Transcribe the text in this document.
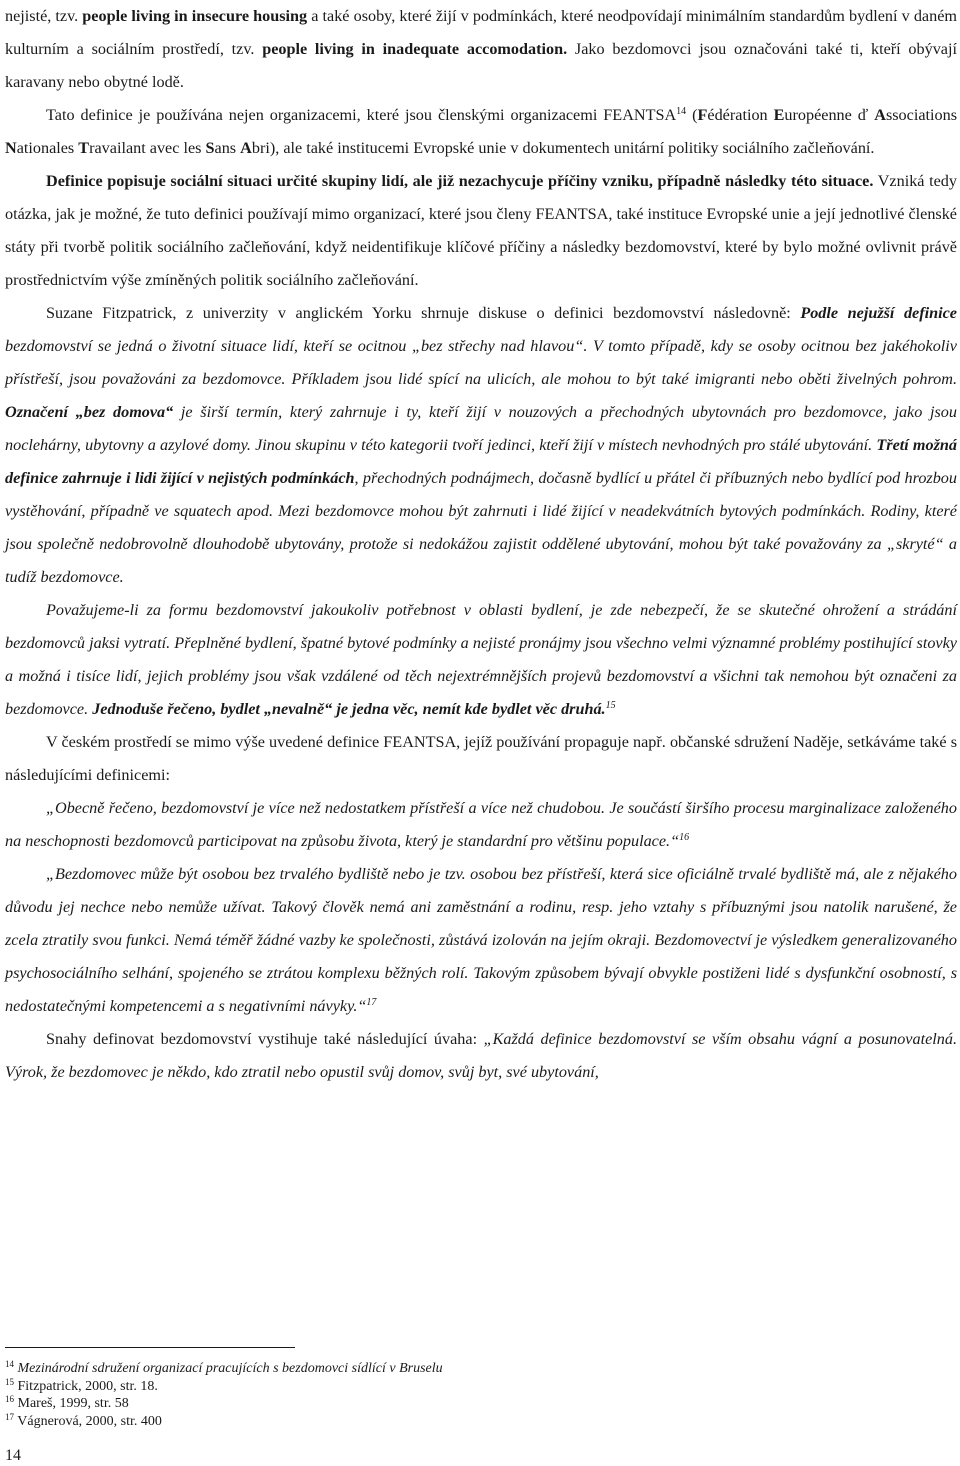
nejisté, tzv. people living in insecure housing a také osoby, které žijí v podmínkách, které neodpovídají minimálním standardům bydlení v daném kulturním a sociálním prostředí, tzv. people living in inadequate accomodation. Jako bezdomovci jsou označováni také ti, kteří obývají karavany nebo obytné lodě.
Tato definice je používána nejen organizacemi, které jsou členskými organizacemi FEANTSA$^{14}$ (Fédération Européenne ď Associations Nationales Travailant avec les Sans Abri), ale také institucemi Evropské unie v dokumentech unitární politiky sociálního začleňování.
Definice popisuje sociální situaci určité skupiny lidí, ale již nezachycuje příčiny vzniku, případně následky této situace. Vzniká tedy otázka, jak je možné, že tuto definici používají mimo organizací, které jsou členy FEANTSA, také instituce Evropské unie a její jednotlivé členské státy při tvorbě politik sociálního začleňování, když neidentifikuje klíčové příčiny a následky bezdomovství, které by bylo možné ovlivnit právě prostřednictvím výše zmíněných politik sociálního začleňování.
Suzane Fitzpatrick, z univerzity v anglickém Yorku shrnuje diskuse o definici bezdomovství následovně: Podle nejužší definice bezdomovství se jedná o životní situace lidí, kteří se ocitnou „bez střechy nad hlavou“. V tomto případě, kdy se osoby ocitnou bez jakéhokoliv přístřeší, jsou považováni za bezdomovce. Příkladem jsou lidé spící na ulicích, ale mohou to být také imigranti nebo oběti živelných pohrom. Označení „bez domova“ je širší termín, který zahrnuje i ty, kteří žijí v nouzových a přechodných ubytovnách pro bezdomovce, jako jsou noclehárny, ubytovny a azylové domy. Jinou skupinu v této kategorii tvoří jedinci, kteří žijí v místech nevhodných pro stálé ubytování. Třetí možná definice zahrnuje i lidi žijící v nejistých podmínkách, přechodných podnájmech, dočasně bydlící u přátel či příbuzných nebo bydlící pod hrozbou vystěhování, případně ve squatech apod. Mezi bezdomovce mohou být zahrnuti i lidé žijící v neadekvátních bytových podmínkách. Rodiny, které jsou společně nedobrovolně dlouhodobě ubytovány, protože si nedokážou zajistit oddělené ubytování, mohou být také považovány za „skryté“ a tudíž bezdomovce.
Považujeme-li za formu bezdomovství jakoukoliv potřebnost v oblasti bydlení, je zde nebezpečí, že se skutečné ohrožení a strádání bezdomovců jaksi vytratí. Přeplněné bydlení, špatné bytové podmínky a nejisté pronájmy jsou všechno velmi významné problémy postihující stovky a možná i tisíce lidí, jejich problémy jsou však vzdálené od těch nejextrémnějších projevů bezdomovství a všichni tak nemohou být označeni za bezdomovce. Jednoduše řečeno, bydlet „nevalně“ je jedna věc, nemít kde bydlet věc druhá.$^{15}$
V českém prostředí se mimo výše uvedené definice FEANTSA, jejíž používání propaguje např. občanské sdružení Naděje, setkáváme také s následujícími definicemi:
„Obecně řečeno, bezdomovství je více než nedostatkem přístřeší a více než chudobou. Je součástí širšího procesu marginalizace založeného na neschopnosti bezdomovců participovat na způsobu života, který je standardní pro většinu populace.“$^{16}$
„Bezdomovec může být osobou bez trvalého bydliště nebo je tzv. osobou bez přístřeší, která sice oficiálně trvalé bydliště má, ale z nějakého důvodu jej nechce nebo nemůže užívat. Takový člověk nemá ani zaměstnání a rodinu, resp. jeho vztahy s příbuznými jsou natolik narušené, že zcela ztratily svou funkci. Nemá téměř žádné vazby ke společnosti, zůstává izolován na jejím okraji. Bezdomovectví je výsledkem generalizovaného psychosociálního selhání, spojeného se ztrátou komplexu běžných rolí. Takovým způsobem bývají obvykle postiženi lidé s dysfunkční osobností, s nedostatečnými kompetencemi a s negativními návyky.“$^{17}$
Snahy definovat bezdomovství vystihuje také následující úvaha: „Každá definice bezdomovství se vším obsahu vágní a posunovatelná. Výrok, že bezdomovec je někdo, kdo ztratil nebo opustil svůj domov, svůj byt, své ubytování,

$^{14}$ Mezinárodní sdružení organizací pracujících s bezdomovci sídlící v Bruselu

$^{15}$ Fitzpatrick, 2000, str. 18.

$^{16}$ Mareš, 1999, str. 58

$^{17}$ Vágnerová, 2000, str. 400

14
